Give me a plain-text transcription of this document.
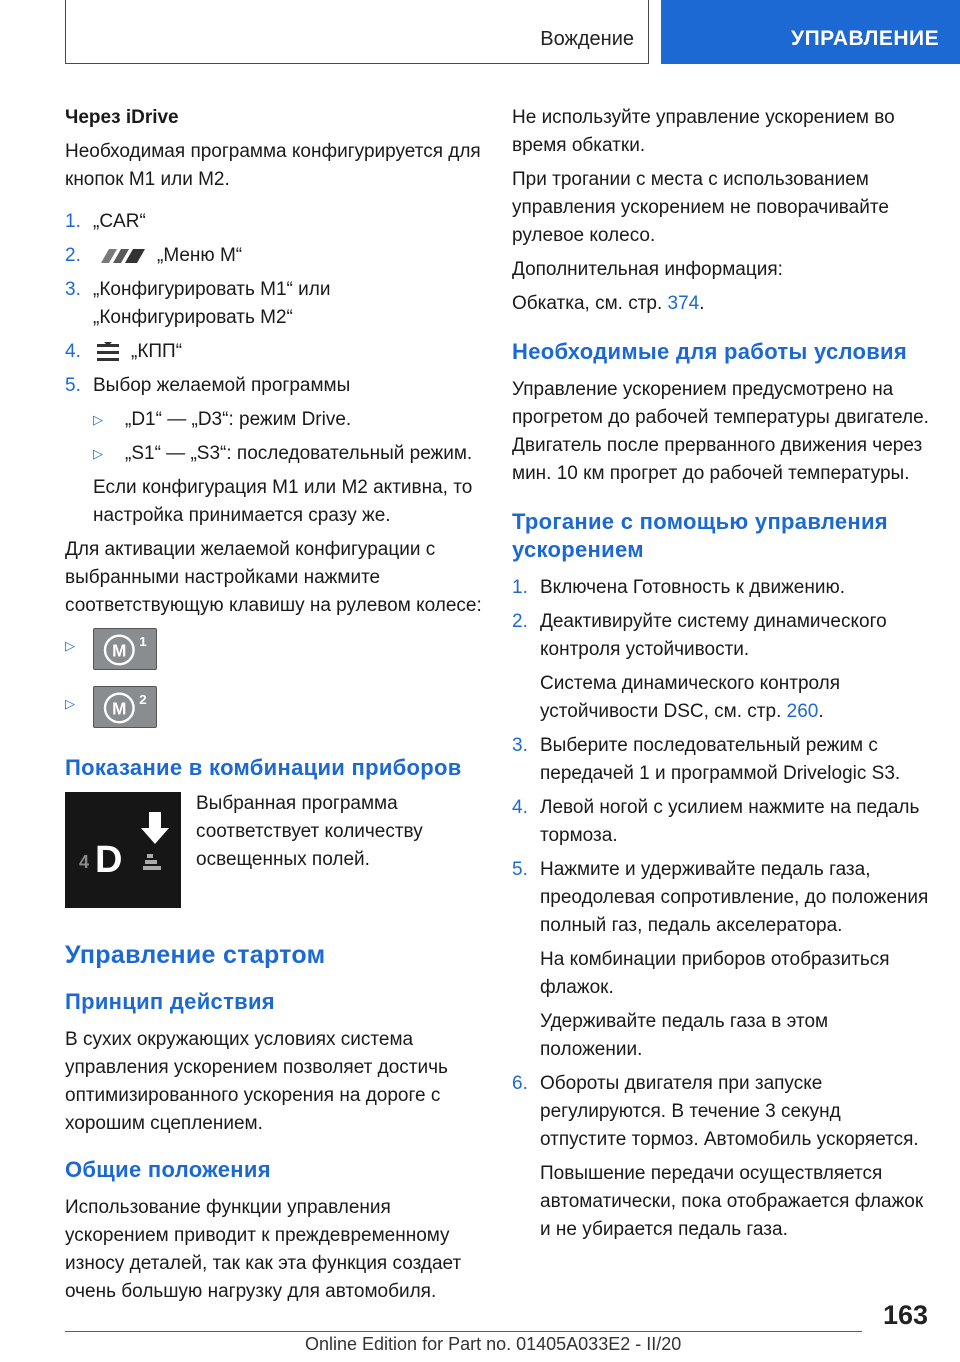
Вождение	УПРАВЛЕНИЕ

Через iDrive

Необходимая программа конфигурируется для кнопок M1 или M2.

1. „CAR“
2.	„Меню M“
3. „Конфигурировать M1“ или „Конфигурировать M2“
4.	„КПП“
5. Выбор желаемой программы
▷ „D1“ — „D3“: режим Drive.
▷ „S1“ — „S3“: последовательный режим.

Если конфигурация M1 или M2 активна, то настройка принимается сразу же.

Для активации желаемой конфигурации с выбранными настройками нажмите соответствующую клавишу на рулевом колесе:

▷ M 1
▷ M 2
Показание в комбинации приборов
4 D

Выбранная программа соответствует количеству освещенных полей.

Управление стартом
Принцип действия

В сухих окружающих условиях система управления ускорением позволяет достичь оптимизированного ускорения на дороге с хорошим сцеплением.

Общие положения

Использование функции управления ускорением приводит к преждевременному износу деталей, так как эта функция создает очень большую нагрузку для автомобиля.

Не используйте управление ускорением во время обкатки.

При трогании с места с использованием управления ускорением не поворачивайте рулевое колесо.

Дополнительная информация:

Обкатка, см. стр. 374.

Необходимые для работы условия

Управление ускорением предусмотрено на прогретом до рабочей температуры двигателе. Двигатель после прерванного движения через мин. 10 км прогрет до рабочей температуры.

Трогание с помощью управления ускорением
1. Включена Готовность к движению.
2. Деактивируйте систему динамического контроля устойчивости.

Система динамического контроля устойчивости DSC, см. стр. 260.

3. Выберите последовательный режим с передачей 1 и программой Drivelogic S3.
4. Левой ногой с усилием нажмите на педаль тормоза.
5. Нажмите и удерживайте педаль газа, преодолевая сопротивление, до положения полный газ, педаль акселератора.

На комбинации приборов отобразиться флажок.

Удерживайте педаль газа в этом положении.

6. Обороты двигателя при запуске регулируются. В течение 3 секунд отпустите тормоз. Автомобиль ускоряется.

Повышение передачи осуществляется автоматически, пока отображается флажок и не убирается педаль газа.

163
Online Edition for Part no. 01405A033E2 - II/20
